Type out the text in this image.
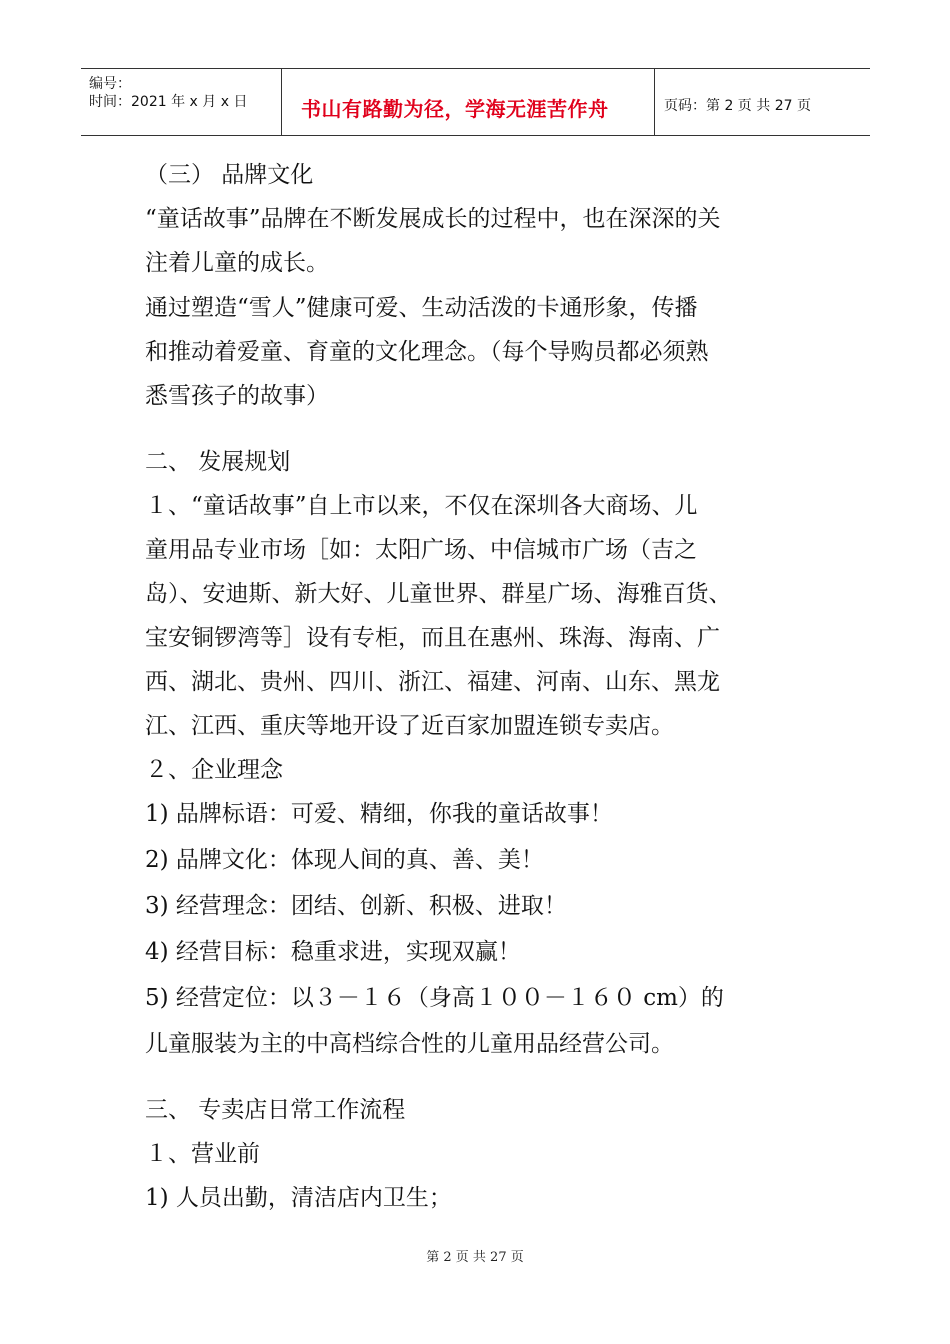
编号：
时间：2021 年 x 月 x 日	书山有路勤为径，学海无涯苦作舟	页码：第 2 页 共 27 页
（三） 品牌文化
“童话故事”品牌在不断发展成长的过程中，也在深深的关
注着儿童的成长。
通过塑造“雪人”健康可爱、生动活泼的卡通形象，传播
和推动着爱童、育童的文化理念。（每个导购员都必须熟
悉雪孩子的故事）
二、 发展规划
１、“童话故事”自上市以来，不仅在深圳各大商场、儿
童用品专业市场［如：太阳广场、中信城市广场（吉之
岛）、安迪斯、新大好、儿童世界、群星广场、海雅百货、
宝安铜锣湾等］设有专柜，而且在惠州、珠海、海南、广
西、湖北、贵州、四川、浙江、福建、河南、山东、黑龙
江、江西、重庆等地开设了近百家加盟连锁专卖店。
２、企业理念
1) 品牌标语：可爱、精细，你我的童话故事！
2) 品牌文化：体现人间的真、善、美！
3) 经营理念：团结、创新、积极、进取！
4) 经营目标：稳重求进，实现双赢！
5) 经营定位：以３－１６（身高１００－１６０ cm）的
儿童服装为主的中高档综合性的儿童用品经营公司。
三、 专卖店日常工作流程
１、营业前
1) 人员出勤，清洁店内卫生；
第 2 页 共 27 页
